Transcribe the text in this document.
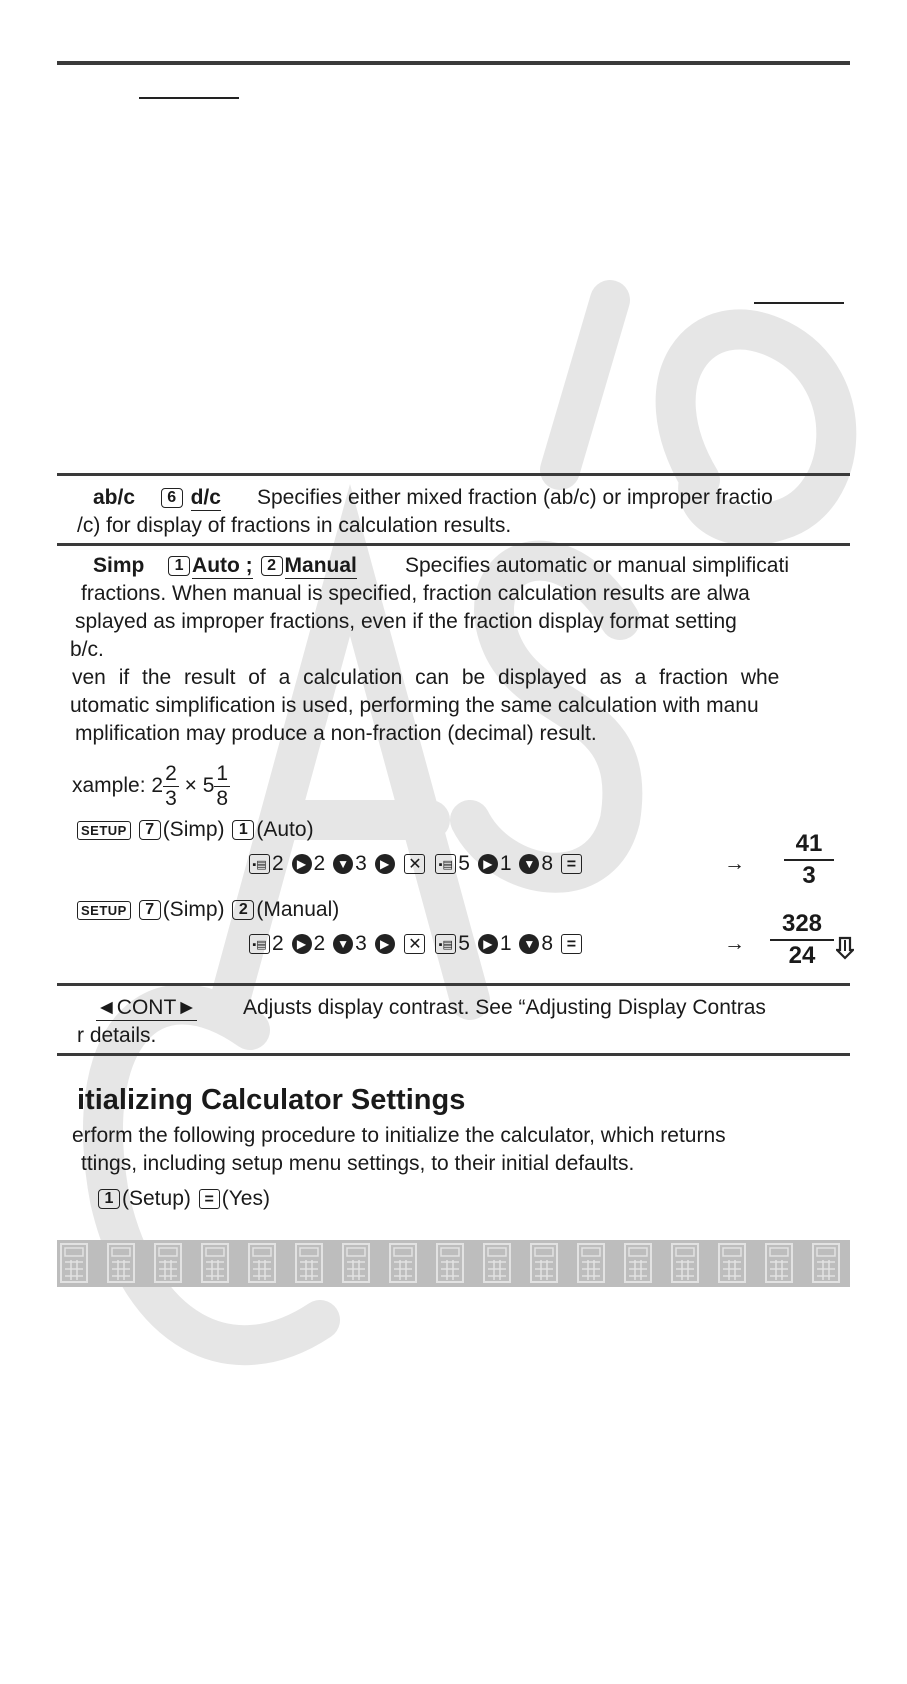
ab/c 6 d/c Specifies either mixed fraction (ab/c) or improper fractio
/c) for display of fractions in calculation results.
Simp 1 Auto ; 2 Manual Specifies automatic or manual simplificati
fractions. When manual is specified, fraction calculation results are alwa
splayed as improper fractions, even if the fraction display format setting
b/c.
ven if the result of a calculation can be displayed as a fraction whe
utomatic simplification is used, performing the same calculation with manu
mplification may produce a non-fraction (decimal) result.
xample: $2 \frac{2}{3} \times 5 \frac{1}{8}$
SETUP 7 (Simp) 1 (Auto)
▪▤ 2 ▶ 2 ▼ 3 ▶ ✕ ▪▤ 5 ▶ 1 ▼ 8 =	→ $\frac{41}{3}$
SETUP 7 (Simp) 2 (Manual)
▪▤ 2 ▶ 2 ▼ 3 ▶ ✕ ▪▤ 5 ▶ 1 ▼ 8 =	→ $\frac{328}{24}$
◄CONT► Adjusts display contrast. See “Adjusting Display Contras
r details.
itializing Calculator Settings
erform the following procedure to initialize the calculator, which returns
ttings, including setup menu settings, to their initial defaults.
1 (Setup) = (Yes)
